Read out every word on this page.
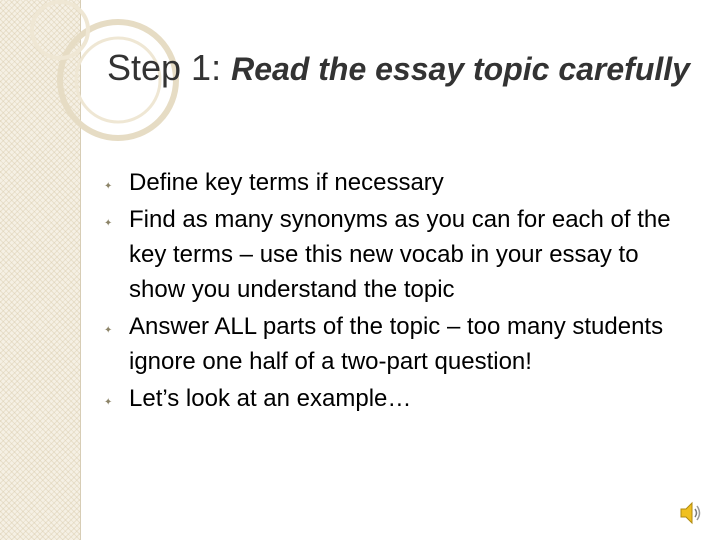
Step 1: Read the essay topic carefully
✦ Define key terms if necessary
✦ Find as many synonyms as you can for each of the key terms – use this new vocab in your essay to show you understand the topic
✦ Answer ALL parts of the topic – too many students ignore one half of a two-part question!
✦ Let’s look at an example…
